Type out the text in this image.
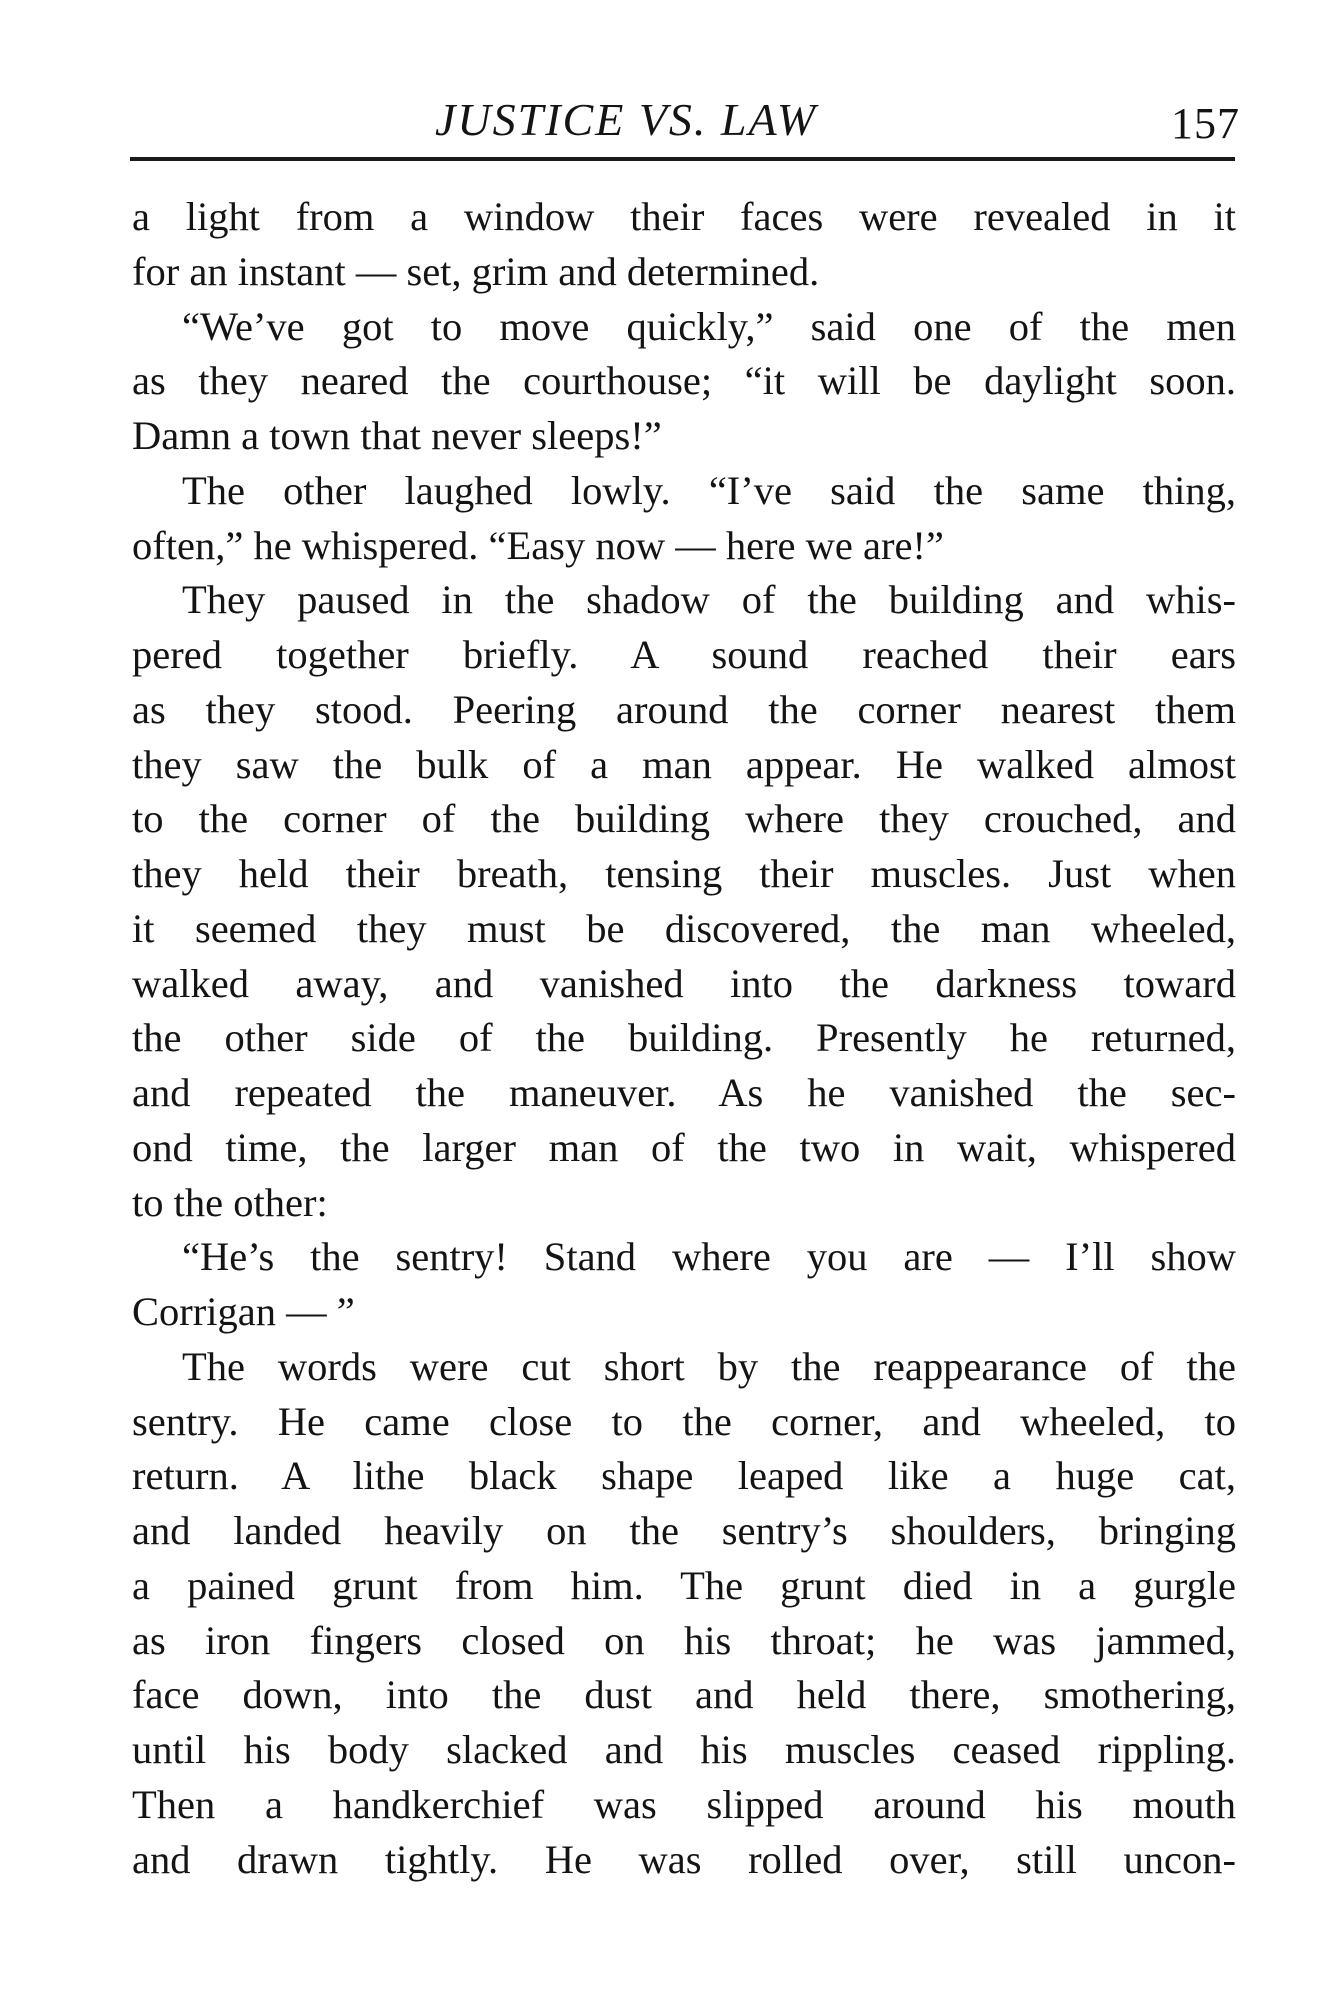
JUSTICE VS. LAW	157
a light from a window their faces were revealed in it
for an instant — set, grim and determined.
“We’ve got to move quickly,” said one of the men
as they neared the courthouse; “it will be daylight soon.
Damn a town that never sleeps!”
The other laughed lowly. “I’ve said the same thing,
often,” he whispered. “Easy now — here we are!”
They paused in the shadow of the building and whis-
pered together briefly. A sound reached their ears
as they stood. Peering around the corner nearest them
they saw the bulk of a man appear. He walked almost
to the corner of the building where they crouched, and
they held their breath, tensing their muscles. Just when
it seemed they must be discovered, the man wheeled,
walked away, and vanished into the darkness toward
the other side of the building. Presently he returned,
and repeated the maneuver. As he vanished the sec-
ond time, the larger man of the two in wait, whispered
to the other:
“He’s the sentry! Stand where you are — I’ll show
Corrigan — ”
The words were cut short by the reappearance of the
sentry. He came close to the corner, and wheeled, to
return. A lithe black shape leaped like a huge cat,
and landed heavily on the sentry’s shoulders, bringing
a pained grunt from him. The grunt died in a gurgle
as iron fingers closed on his throat; he was jammed,
face down, into the dust and held there, smothering,
until his body slacked and his muscles ceased rippling.
Then a handkerchief was slipped around his mouth
and drawn tightly. He was rolled over, still uncon-
